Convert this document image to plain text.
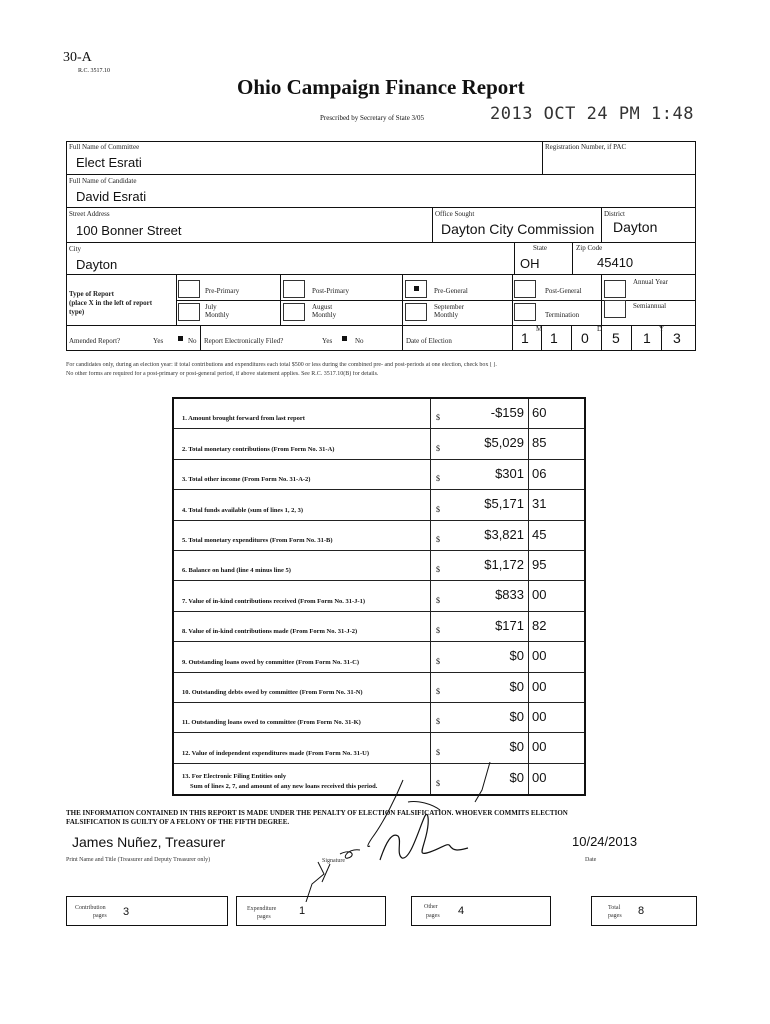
30-A
R.C. 3517.10
Ohio Campaign Finance Report
Prescribed by Secretary of State 3/05	2013 OCT 24 PM 1:48
Full Name of Committee
Elect Esrati
Registration Number, if PAC
Full Name of Candidate
David Esrati
Street Address
100 Bonner Street
Office Sought
Dayton City Commission
District
Dayton
City
Dayton
State
OH
Zip Code
45410
Type of Report
(place X in the left of report
type)
Pre-Primary	Post-Primary	Pre-General	Post-General
Annual Year
July
Monthly
August
Monthly
September
Monthly	Termination
Semiannual
Amended Report?	Yes	No Report Electronically Filed?	Yes	No	Date of Election
M	D	Y
1 1 0 5 1 3
For candidates only, during an election year: if total contributions and expenditures each total $500 or less during the combined pre- and post-periods at one election, check box [ ].
No other forms are required for a post-primary or post-general period, if above statement applies. See R.C. 3517.10(B) for details.
1. Amount brought forward from last report	$	-$159 60
2. Total monetary contributions (From Form No. 31-A)	$	$5,029 85
3. Total other income (From Form No. 31-A-2)	$	$301 06
4. Total funds available (sum of lines 1, 2, 3)	$	$5,171 31
5. Total monetary expenditures (From Form No. 31-B)	$	$3,821 45
6. Balance on hand (line 4 minus line 5)	$	$1,172 95
7. Value of in-kind contributions received (From Form No. 31-J-1)	$	$833 00
8. Value of in-kind contributions made (From Form No. 31-J-2)	$	$171 82
9. Outstanding loans owed by committee (From Form No. 31-C)	$	$0 00
10. Outstanding debts owed by committee (From Form No. 31-N)	$	$0 00
11. Outstanding loans owed to committee (From Form No. 31-K)	$	$0 00
12. Value of independent expenditures made (From Form No. 31-U)	$	$0 00
13. For Electronic Filing Entities only
Sum of lines 2, 7, and amount of any new loans received this period.	$	$0 00
THE INFORMATION CONTAINED IN THIS REPORT IS MADE UNDER THE PENALTY OF ELECTION FALSIFICATION. WHOEVER COMMITS ELECTION
FALSIFICATION IS GUILTY OF A FELONY OF THE FIFTH DEGREE.
James Nuñez, Treasurer
Print Name and Title (Treasurer and Deputy Treasurer only)	Signature
10/24/2013
Date
Contribution
pages 3	Expenditure
pages	1	Other
pages 4	Total
pages 8
